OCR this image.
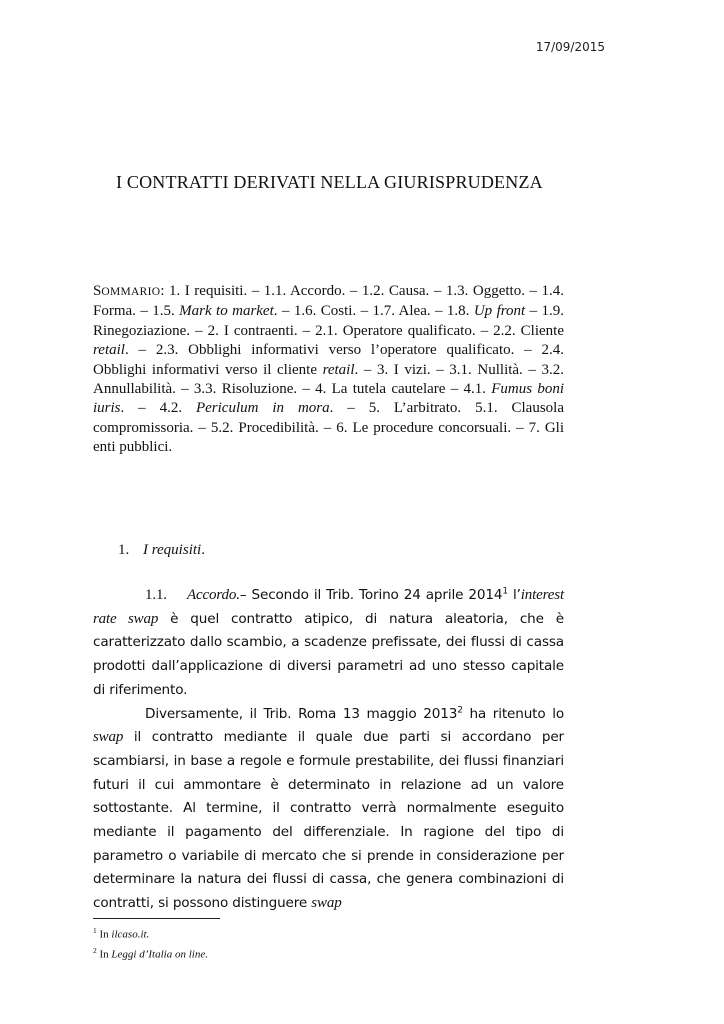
17/09/2015
I CONTRATTI DERIVATI NELLA GIURISPRUDENZA
SOMMARIO: 1. I requisiti. – 1.1. Accordo. – 1.2. Causa. – 1.3. Oggetto. – 1.4. Forma. – 1.5. Mark to market. – 1.6. Costi. – 1.7. Alea. – 1.8. Up front – 1.9. Rinegoziazione. – 2. I contraenti. – 2.1. Operatore qualificato. – 2.2. Cliente retail. – 2.3. Obblighi informativi verso l’operatore qualificato. – 2.4. Obblighi informativi verso il cliente retail. – 3. I vizi. – 3.1. Nullità. – 3.2. Annullabilità. – 3.3. Risoluzione. – 4. La tutela cautelare – 4.1. Fumus boni iuris. – 4.2. Periculum in mora. – 5. L’arbitrato. 5.1. Clausola compromissoria. – 5.2. Procedibilità. – 6. Le procedure concorsuali. – 7. Gli enti pubblici.
1. I requisiti.

1.1. Accordo.– Secondo il Trib. Torino 24 aprile 2014$^1$ l’interest rate swap è quel contratto atipico, di natura aleatoria, che è caratterizzato dallo scambio, a scadenze prefissate, dei flussi di cassa prodotti dall’applicazione di diversi parametri ad uno stesso capitale di riferimento.

Diversamente, il Trib. Roma 13 maggio 2013$^2$ ha ritenuto lo swap il contratto mediante il quale due parti si accordano per scambiarsi, in base a regole e formule prestabilite, dei flussi finanziari futuri il cui ammontare è determinato in relazione ad un valore sottostante. Al termine, il contratto verrà normalmente eseguito mediante il pagamento del differenziale. In ragione del tipo di parametro o variabile di mercato che si prende in considerazione per determinare la natura dei flussi di cassa, che genera combinazioni di contratti, si possono distinguere swap

$^1$ In ilcaso.it.
$^2$ In Leggi d’Italia on line.
